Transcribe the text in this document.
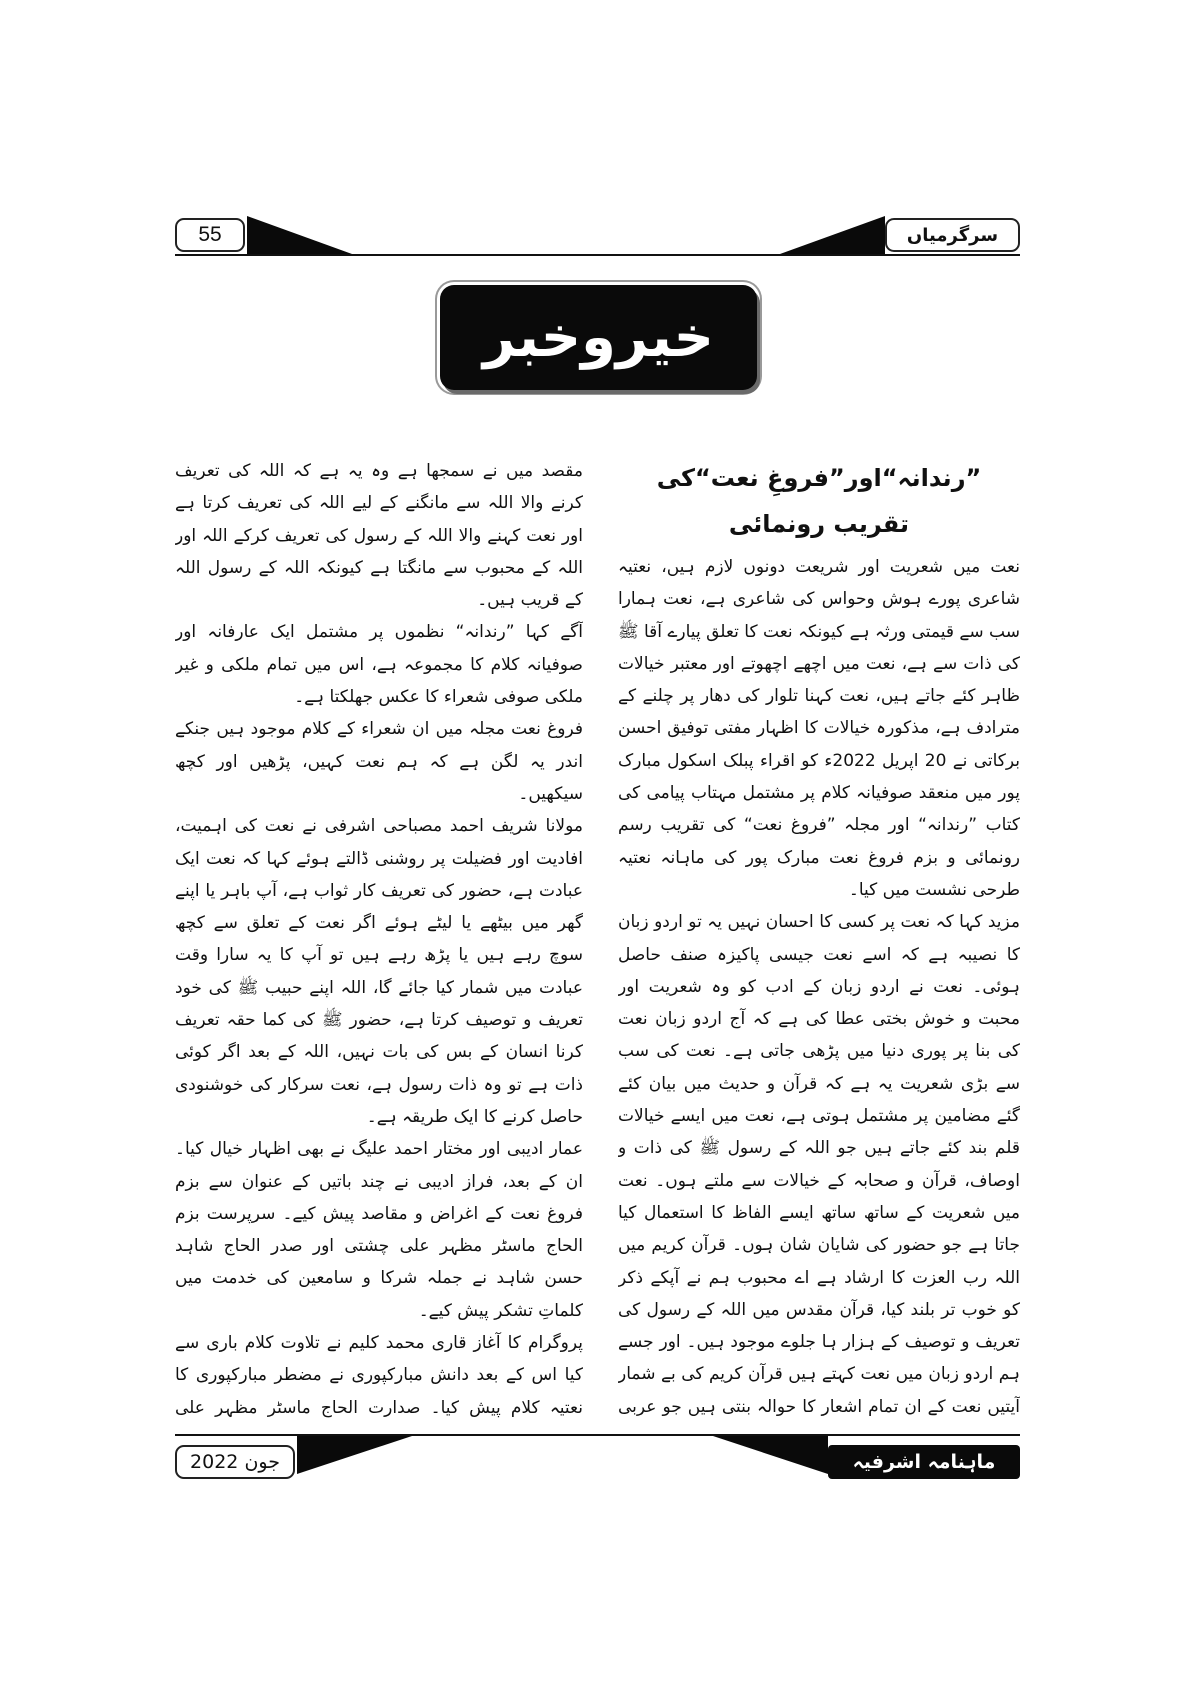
55	سرگرمیاں
خیروخبر

”رندانہ“اور”فروغِ نعت“کی تقریب رونمائی

نعت میں شعریت اور شریعت دونوں لازم ہیں، نعتیہ شاعری پورے ہوش وحواس کی شاعری ہے، نعت ہمارا سب سے قیمتی ورثہ ہے کیونکہ نعت کا تعلق پیارے آقا ﷺ کی ذات سے ہے، نعت میں اچھے اچھوتے اور معتبر خیالات ظاہر کئے جاتے ہیں، نعت کہنا تلوار کی دھار پر چلنے کے مترادف ہے، مذکورہ خیالات کا اظہار مفتی توفیق احسن برکاتی نے 20 اپریل 2022ء کو اقراء پبلک اسکول مبارک پور میں منعقد صوفیانہ کلام پر مشتمل مہتاب پیامی کی کتاب ”رندانہ“ اور مجلہ ”فروغ نعت“ کی تقریب رسم رونمائی و بزم فروغ نعت مبارک پور کی ماہانہ نعتیہ طرحی نشست میں کیا۔

مزید کہا کہ نعت پر کسی کا احسان نہیں یہ تو اردو زبان کا نصیبہ ہے کہ اسے نعت جیسی پاکیزہ صنف حاصل ہوئی۔ نعت نے اردو زبان کے ادب کو وہ شعریت اور محبت و خوش بختی عطا کی ہے کہ آج اردو زبان نعت کی بنا پر پوری دنیا میں پڑھی جاتی ہے۔ نعت کی سب سے بڑی شعریت یہ ہے کہ قرآن و حدیث میں بیان کئے گئے مضامین پر مشتمل ہوتی ہے، نعت میں ایسے خیالات قلم بند کئے جاتے ہیں جو اللہ کے رسول ﷺ کی ذات و اوصاف، قرآن و صحابہ کے خیالات سے ملتے ہوں۔ نعت میں شعریت کے ساتھ ساتھ ایسے الفاظ کا استعمال کیا جاتا ہے جو حضور کی شایان شان ہوں۔ قرآن کریم میں اللہ رب العزت کا ارشاد ہے اے محبوب ہم نے آپکے ذکر کو خوب تر بلند کیا، قرآن مقدس میں اللہ کے رسول کی تعریف و توصیف کے ہزار ہا جلوے موجود ہیں۔ اور جسے ہم اردو زبان میں نعت کہتے ہیں قرآن کریم کی بے شمار آیتیں نعت کے ان تمام اشعار کا حوالہ بنتی ہیں جو عربی

مقصد میں نے سمجھا ہے وہ یہ ہے کہ اللہ کی تعریف کرنے والا اللہ سے مانگنے کے لیے اللہ کی تعریف کرتا ہے اور نعت کہنے والا اللہ کے رسول کی تعریف کرکے اللہ اور اللہ کے محبوب سے مانگتا ہے کیونکہ اللہ کے رسول اللہ کے قریب ہیں۔

آگے کہا ”رندانہ“ نظموں پر مشتمل ایک عارفانہ اور صوفیانہ کلام کا مجموعہ ہے، اس میں تمام ملکی و غیر ملکی صوفی شعراء کا عکس جھلکتا ہے۔

فروغ نعت مجلہ میں ان شعراء کے کلام موجود ہیں جنکے اندر یہ لگن ہے کہ ہم نعت کہیں، پڑھیں اور کچھ سیکھیں۔

مولانا شریف احمد مصباحی اشرفی نے نعت کی اہمیت، افادیت اور فضیلت پر روشنی ڈالتے ہوئے کہا کہ نعت ایک عبادت ہے، حضور کی تعریف کار ثواب ہے، آپ باہر یا اپنے گھر میں بیٹھے یا لیٹے ہوئے اگر نعت کے تعلق سے کچھ سوچ رہے ہیں یا پڑھ رہے ہیں تو آپ کا یہ سارا وقت عبادت میں شمار کیا جائے گا، اللہ اپنے حبیب ﷺ کی خود تعریف و توصیف کرتا ہے، حضور ﷺ کی کما حقہ تعریف کرنا انسان کے بس کی بات نہیں، اللہ کے بعد اگر کوئی ذات ہے تو وہ ذات رسول ہے، نعت سرکار کی خوشنودی حاصل کرنے کا ایک طریقہ ہے۔

عمار ادیبی اور مختار احمد علیگ نے بھی اظہار خیال کیا۔ ان کے بعد، فراز ادیبی نے چند باتیں کے عنوان سے بزم فروغ نعت کے اغراض و مقاصد پیش کیے۔ سرپرست بزم الحاج ماسٹر مظہر علی چشتی اور صدر الحاج شاہد حسن شاہد نے جملہ شرکا و سامعین کی خدمت میں کلماتِ تشکر پیش کیے۔

پروگرام کا آغاز قاری محمد کلیم نے تلاوت کلام باری سے کیا اس کے بعد دانش مبارکپوری نے مضطر مبارکپوری کا نعتیہ کلام پیش کیا۔ صدارت الحاج ماسٹر مظہر علی

جون 2022	ماہنامہ اشرفیہ
